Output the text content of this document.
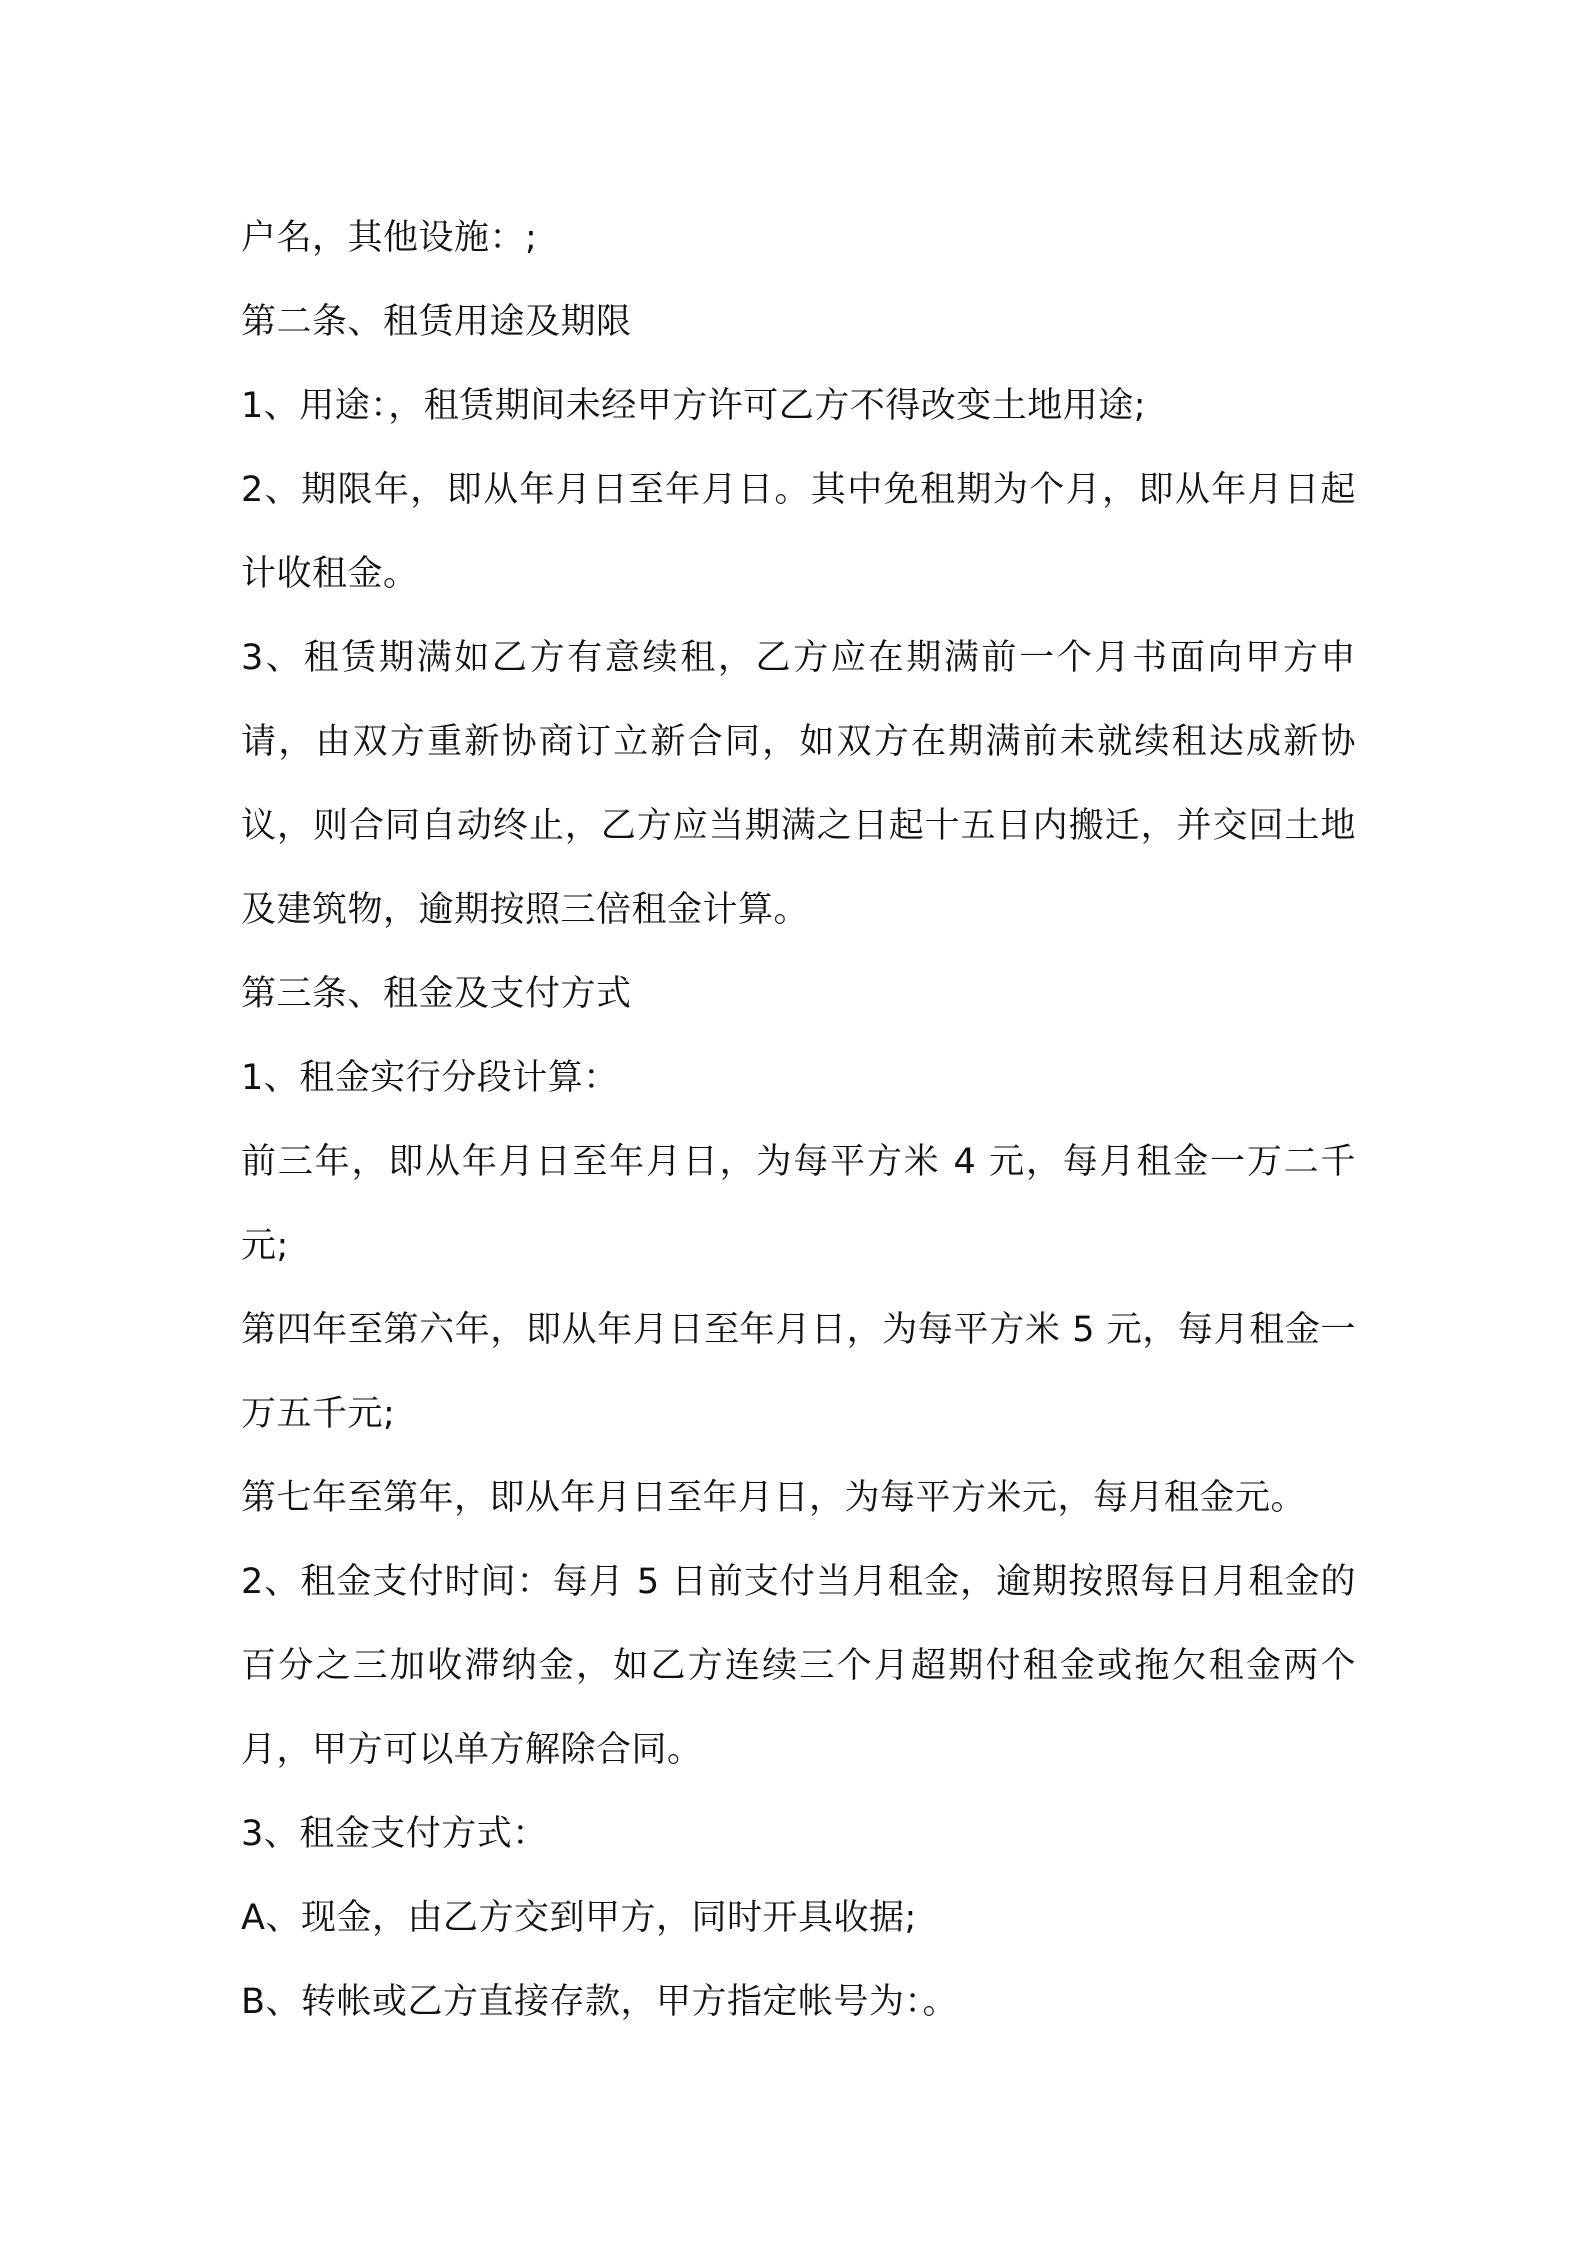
户名，其他设施：;

第二条、租赁用途及期限

1、用途：，租赁期间未经甲方许可乙方不得改变土地用途;

2、期限年，即从年月日至年月日。其中免租期为个月，即从年月日起计收租金。

3、租赁期满如乙方有意续租，乙方应在期满前一个月书面向甲方申请，由双方重新协商订立新合同，如双方在期满前未就续租达成新协议，则合同自动终止，乙方应当期满之日起十五日内搬迁，并交回土地及建筑物，逾期按照三倍租金计算。

第三条、租金及支付方式

1、租金实行分段计算：

前三年，即从年月日至年月日，为每平方米 4 元，每月租金一万二千元;

第四年至第六年，即从年月日至年月日，为每平方米 5 元，每月租金一万五千元;

第七年至第年，即从年月日至年月日，为每平方米元，每月租金元。

2、租金支付时间：每月 5 日前支付当月租金，逾期按照每日月租金的百分之三加收滞纳金，如乙方连续三个月超期付租金或拖欠租金两个月，甲方可以单方解除合同。

3、租金支付方式：

A、现金，由乙方交到甲方，同时开具收据;

B、转帐或乙方直接存款，甲方指定帐号为：。
